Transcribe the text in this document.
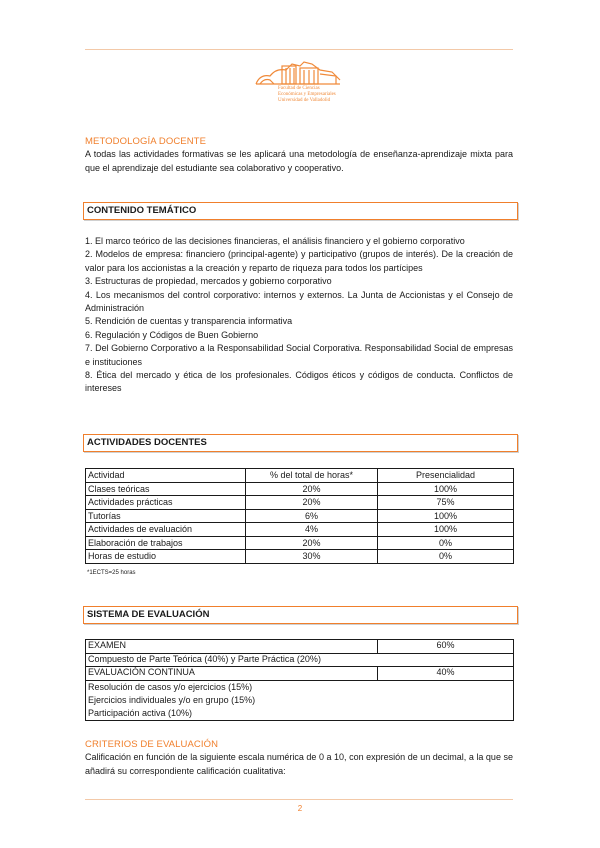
Facultad de Ciencias
Económicas y Empresariales
Universidad de Valladolid
METODOLOGÍA DOCENTE
A todas las actividades formativas se les aplicará una metodología de enseñanza-aprendizaje mixta para que el aprendizaje del estudiante sea colaborativo y cooperativo.
CONTENIDO TEMÁTICO
1. El marco teórico de las decisiones financieras, el análisis financiero y el gobierno corporativo
2. Modelos de empresa: financiero (principal-agente) y participativo (grupos de interés). De la creación de valor para los accionistas a la creación y reparto de riqueza para todos los partícipes
3. Estructuras de propiedad, mercados y gobierno corporativo
4. Los mecanismos del control corporativo: internos y externos. La Junta de Accionistas y el Consejo de Administración
5. Rendición de cuentas y transparencia informativa
6. Regulación y Códigos de Buen Gobierno
7. Del Gobierno Corporativo a la Responsabilidad Social Corporativa. Responsabilidad Social de empresas e instituciones
8. Ética del mercado y ética de los profesionales. Códigos éticos y códigos de conducta. Conflictos de intereses
ACTIVIDADES DOCENTES
Actividad	% del total de horas*	Presencialidad
Clases teóricas	20%	100%
Actividades prácticas	20%	75%
Tutorías	6%	100%
Actividades de evaluación	4%	100%
Elaboración de trabajos	20%	0%
Horas de estudio	30%	0%
*1ECTS=25 horas
SISTEMA DE EVALUACIÓN
EXAMEN	60%
Compuesto de Parte Teórica (40%) y Parte Práctica (20%)	
EVALUACIÓN CONTINUA	40%

Resolución de casos y/o ejercicios (15%)
Ejercicios individuales y/o en grupo (15%)
Participación activa (10%)	
CRITERIOS DE EVALUACIÓN
Calificación en función de la siguiente escala numérica de 0 a 10, con expresión de un decimal, a la que se añadirá su correspondiente calificación cualitativa:
2
